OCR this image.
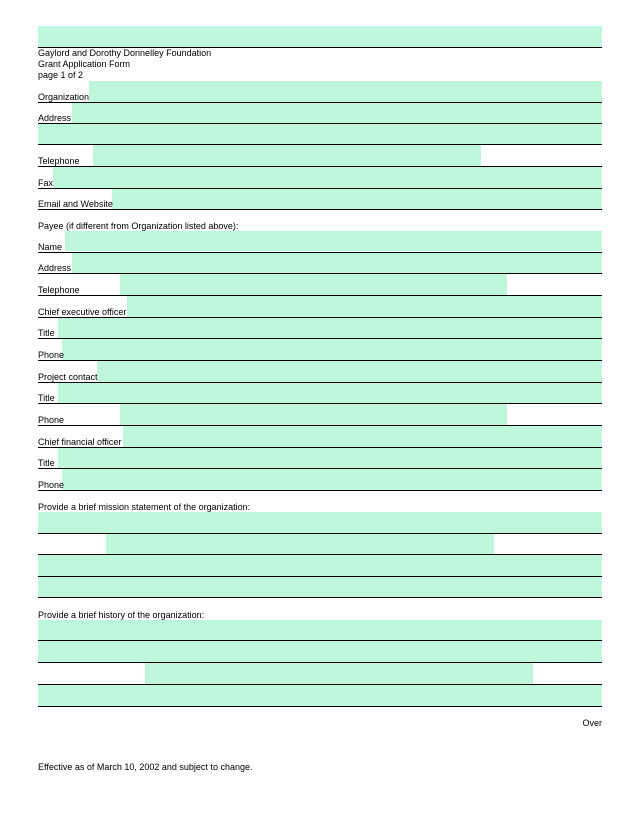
Gaylord and Dorothy Donnelley Foundation
Grant Application Form
page 1 of 2
Organization
Address
Telephone
Fax
Email and Website
Payee (if different from Organization listed above):
Name
Address
Telephone
Chief executive officer
Title
Phone
Project contact
Title
Phone
Chief financial officer
Title
Phone
Provide a brief mission statement of the organization:
Provide a brief history of the organization:
Over
Effective as of March 10, 2002 and subject to change.
